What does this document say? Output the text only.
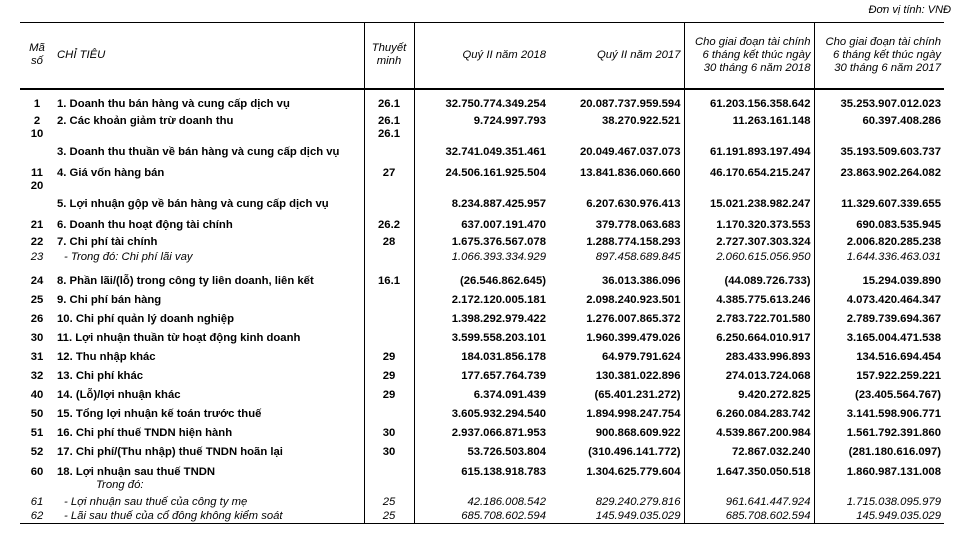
Đơn vị tính: VNĐ
Mã số	CHỈ TIÊU	Thuyết minh	Quý II năm 2018	Quý II năm 2017	Cho giai đoạn tài chính 6 tháng kết thúc ngày 30 tháng 6 năm 2018	Cho giai đoạn tài chính 6 tháng kết thúc ngày 30 tháng 6 năm 2017
1	1. Doanh thu bán hàng và cung cấp dịch vụ	26.1	32.750.774.349.254	20.087.737.959.594	61.203.156.358.642	35.253.907.012.023
2	2. Các khoản giảm trừ doanh thu	26.1	9.724.997.793	38.270.922.521	11.263.161.148	60.397.408.286
10	3. Doanh thu thuần về bán hàng và cung cấp dịch vụ	26.1	32.741.049.351.461	20.049.467.037.073	61.191.893.197.494	35.193.509.603.737
11	4. Giá vốn hàng bán	27	24.506.161.925.504	13.841.836.060.660	46.170.654.215.247	23.863.902.264.082
20	5. Lợi nhuận gộp về bán hàng và cung cấp dịch vụ		8.234.887.425.957	6.207.630.976.413	15.021.238.982.247	11.329.607.339.655
21	6. Doanh thu hoạt động tài chính	26.2	637.007.191.470	379.778.063.683	1.170.320.373.553	690.083.535.945
22	7. Chi phí tài chính	28	1.675.376.567.078	1.288.774.158.293	2.727.307.303.324	2.006.820.285.238
23	- Trong đó: Chi phí lãi vay		1.066.393.334.929	897.458.689.845	2.060.615.056.950	1.644.336.463.031
24	8. Phần lãi/(lỗ) trong công ty liên doanh, liên kết	16.1	(26.546.862.645)	36.013.386.096	(44.089.726.733)	15.294.039.890
25	9. Chi phí bán hàng		2.172.120.005.181	2.098.240.923.501	4.385.775.613.246	4.073.420.464.347
26	10. Chi phí quản lý doanh nghiệp		1.398.292.979.422	1.276.007.865.372	2.783.722.701.580	2.789.739.694.367
30	11. Lợi nhuận thuần từ hoạt động kinh doanh		3.599.558.203.101	1.960.399.479.026	6.250.664.010.917	3.165.004.471.538
31	12. Thu nhập khác	29	184.031.856.178	64.979.791.624	283.433.996.893	134.516.694.454
32	13. Chi phí khác	29	177.657.764.739	130.381.022.896	274.013.724.068	157.922.259.221
40	14. (Lỗ)/lợi nhuận khác	29	6.374.091.439	(65.401.231.272)	9.420.272.825	(23.405.564.767)
50	15. Tổng lợi nhuận kế toán trước thuế		3.605.932.294.540	1.894.998.247.754	6.260.084.283.742	3.141.598.906.771
51	16. Chi phí thuế TNDN hiện hành	30	2.937.066.871.953	900.868.609.922	4.539.867.200.984	1.561.792.391.860
52	17. Chi phí/(Thu nhập) thuế TNDN hoãn lại	30	53.726.503.804	(310.496.141.772)	72.867.032.240	(281.180.616.097)
60	18. Lợi nhuận sau thuế TNDN		615.138.918.783	1.304.625.779.604	1.647.350.050.518	1.860.987.131.008
	Trong đó:					
61	- Lợi nhuận sau thuế của công ty mẹ	25	42.186.008.542	829.240.279.816	961.641.447.924	1.715.038.095.979
62	- Lãi sau thuế của cổ đông không kiểm soát	25	685.708.602.594	145.949.035.029	685.708.602.594	145.949.035.029
